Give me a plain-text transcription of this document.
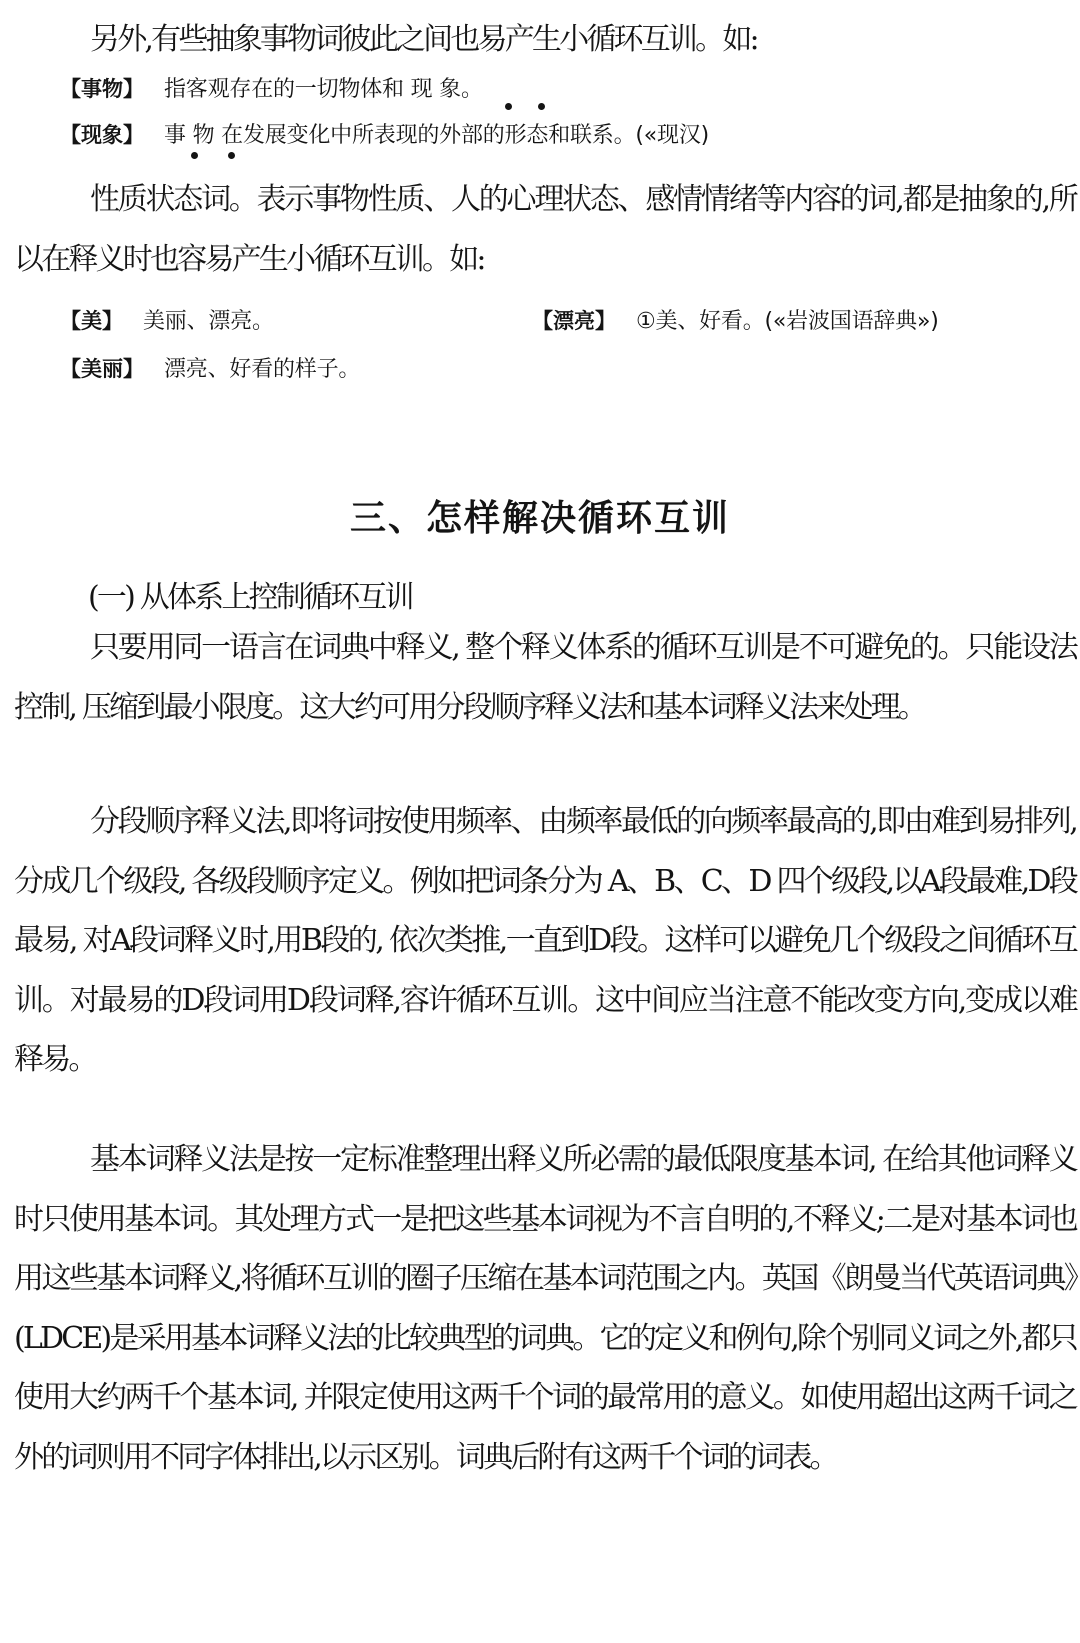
另外,有些抽象事物词彼此之间也易产生小循环互训。如:

【事物】 指客观存在的一切物体和 现 象。
【现象】 事 物 在发展变化中所表现的外部的形态和联系。(«现汉)

性质状态词。表示事物性质、人的心理状态、感情情绪等内容的词,都是抽象的,所以在释义时也容易产生小循环互训。如:

【美】 美丽、漂亮。	【漂亮】 ①美、好看。(«岩波国语辞典»)
【美丽】 漂亮、好看的样子。
三、怎样解决循环互训

(一) 从体系上控制循环互训

只要用同一语言在词典中释义, 整个释义体系的循环互训是不可避免的。只能设法控制, 压缩到最小限度。这大约可用分段顺序释义法和基本词释义法来处理。

分段顺序释义法,即将词按使用频率、由频率最低的向频率最高的,即由难到易排列,分成几个级段, 各级段顺序定义。例如把词条分为 A、B、C、D 四个级段,以A段最难,D段最易, 对A段词释义时,用B段的, 依次类推,一直到D段。这样可以避免几个级段之间循环互训。对最易的D段词用D段词释,容许循环互训。这中间应当注意不能改变方向,变成以难释易。

基本词释义法是按一定标准整理出释义所必需的最低限度基本词, 在给其他词释义时只使用基本词。其处理方式一是把这些基本词视为不言自明的,不释义;二是对基本词也用这些基本词释义,将循环互训的圈子压缩在基本词范围之内。英国《朗曼当代英语词典》(LDCE)是采用基本词释义法的比较典型的词典。它的定义和例句,除个别同义词之外,都只使用大约两千个基本词, 并限定使用这两千个词的最常用的意义。如使用超出这两千词之外的词则用不同字体排出,以示区别。词典后附有这两千个词的词表。
